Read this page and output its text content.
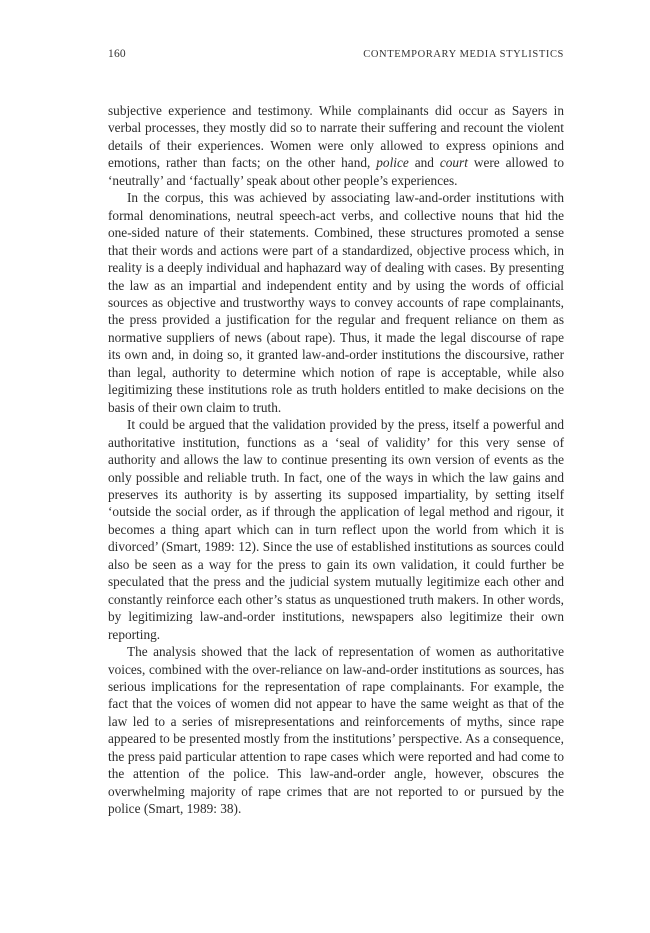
160	CONTEMPORARY MEDIA STYLISTICS

subjective experience and testimony. While complainants did occur as Sayers in verbal processes, they mostly did so to narrate their suffering and recount the violent details of their experiences. Women were only allowed to express opinions and emotions, rather than facts; on the other hand, police and court were allowed to ‘neutrally’ and ‘factually’ speak about other people’s experiences.

In the corpus, this was achieved by associating law-and-order institutions with formal denominations, neutral speech-act verbs, and collective nouns that hid the one-sided nature of their statements. Combined, these structures promoted a sense that their words and actions were part of a standardized, objective process which, in reality is a deeply individual and haphazard way of dealing with cases. By presenting the law as an impartial and independent entity and by using the words of official sources as objective and trustworthy ways to convey accounts of rape complainants, the press provided a justification for the regular and frequent reliance on them as normative suppliers of news (about rape). Thus, it made the legal discourse of rape its own and, in doing so, it granted law-and-order institutions the discoursive, rather than legal, authority to determine which notion of rape is acceptable, while also legitimizing these institutions role as truth holders entitled to make decisions on the basis of their own claim to truth.

It could be argued that the validation provided by the press, itself a powerful and authoritative institution, functions as a ‘seal of validity’ for this very sense of authority and allows the law to continue presenting its own version of events as the only possible and reliable truth. In fact, one of the ways in which the law gains and preserves its authority is by asserting its supposed impartiality, by setting itself ‘outside the social order, as if through the application of legal method and rigour, it becomes a thing apart which can in turn reflect upon the world from which it is divorced’ (Smart, 1989: 12). Since the use of established institutions as sources could also be seen as a way for the press to gain its own validation, it could further be speculated that the press and the judicial system mutually legitimize each other and constantly reinforce each other’s status as unquestioned truth makers. In other words, by legitimizing law-and-order institutions, newspapers also legitimize their own reporting.

The analysis showed that the lack of representation of women as authoritative voices, combined with the over-reliance on law-and-order institutions as sources, has serious implications for the representation of rape complainants. For example, the fact that the voices of women did not appear to have the same weight as that of the law led to a series of misrepresentations and reinforcements of myths, since rape appeared to be presented mostly from the institutions’ perspective. As a consequence, the press paid particular attention to rape cases which were reported and had come to the attention of the police. This law-and-order angle, however, obscures the overwhelming majority of rape crimes that are not reported to or pursued by the police (Smart, 1989: 38).
